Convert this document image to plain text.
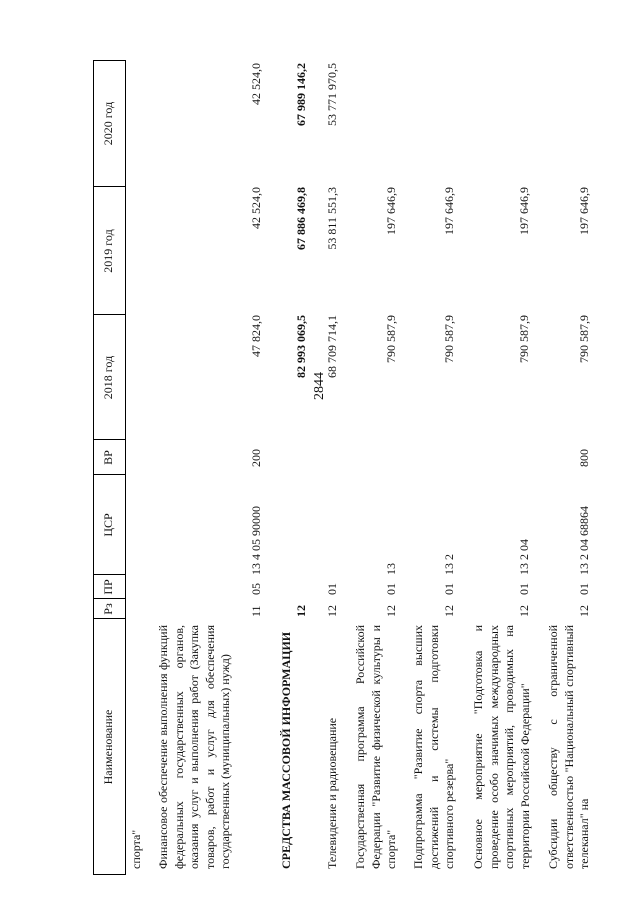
2844
Наименование
Рз
ПР
ЦСР
ВР
2018 год
2019 год
2020 год
спорта" Финансовое обеспечение выполнения функций федеральных государственных органов, оказания услуг и выполнения работ (Закупка товаров, работ и услуг для обеспечения государственных (муниципальных) нужд)
11
05
13 4 05 90000
200
47 824,0
42 524,0
42 524,0
СРЕДСТВА МАССОВОЙ ИНФОРМАЦИИ
12
82 993 069,5
67 886 469,8
67 989 146,2
Телевидение и радиовещание
12
01
68 709 714,1
53 811 551,3
53 771 970,5
Государственная программа Российской Федерации "Развитие физической культуры и спорта"
12
01
13
790 587,9
197 646,9
Подпрограмма "Развитие спорта высших достижений и системы подготовки спортивного резерва"
12
01
13 2
790 587,9
197 646,9
Основное мероприятие "Подготовка и проведение особо значимых международных спортивных мероприятий, проводимых на территории Российской Федерации"
12
01
13 2 04
790 587,9
197 646,9
Субсидии обществу с ограниченной ответственностью "Национальный спортивный телеканал" на
12
01
13 2 04 68864
800
790 587,9
197 646,9
